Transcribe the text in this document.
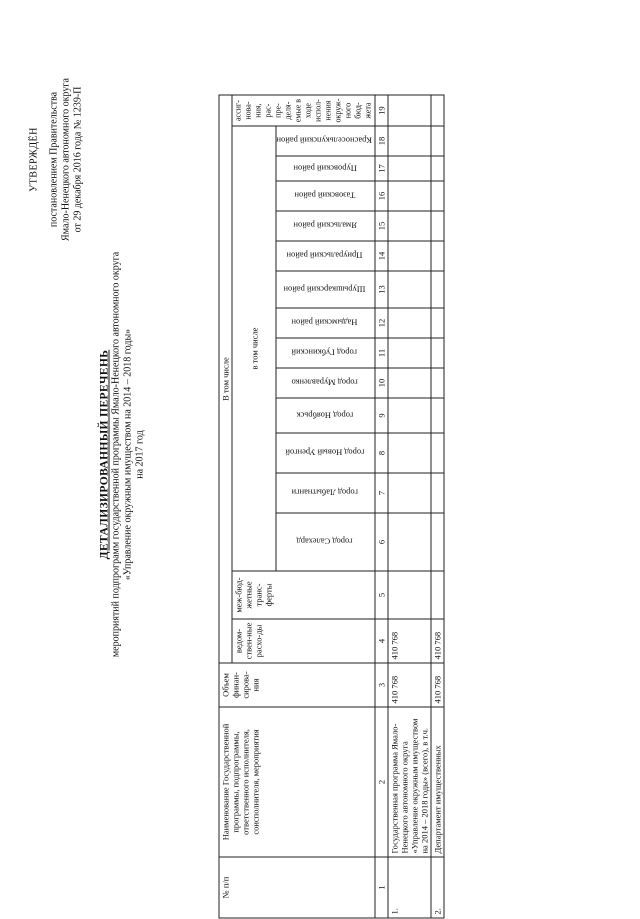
УТВЕРЖДЁН постановлением Правительства Ямало-Ненецкого автономного округа от 29 декабря 2016 года № 1239-П
ДЕТАЛИЗИРОВАННЫЙ ПЕРЕЧЕНЬ мероприятий подпрограмм государственной программы Ямало-Ненецкого автономного округа «Управление окружным имуществом на 2014 – 2018 годы» на 2017 год
№ п/п	Наименование Государственной программы, подпрограммы, ответственного исполнителя, соисполнителя, мероприятия	Объем финан-сирова-ния	В том числе															
			ведом-ствен-ные расхо-ды	меж-бюд-жетные транс-ферты	в том числе													ассиг-нова-ния, рас-пре-деля-емые в ходе испол-нения окруж-ного бюд-жета
					город Салехард	город Лабытнанги	город Новый Уренгой	город Ноябрьск	город Муравленко	город Губкинский	Надымский район	Шурышкарский район	Приуральский район	Ямальский район	Тазовский район	Пуровский район	Красноселькупский район	
1	2	3	4	5	6	7	8	9	10	11	12	13	14	15	16	17	18	19
1.	Государственная программа Ямало-Ненецкого автономного округа «Управление окружным имуществом на 2014 – 2018 годы» (всего), в т.ч.	410 768	410 768															
2.	Департамент имущественных	410 768	410 768															
